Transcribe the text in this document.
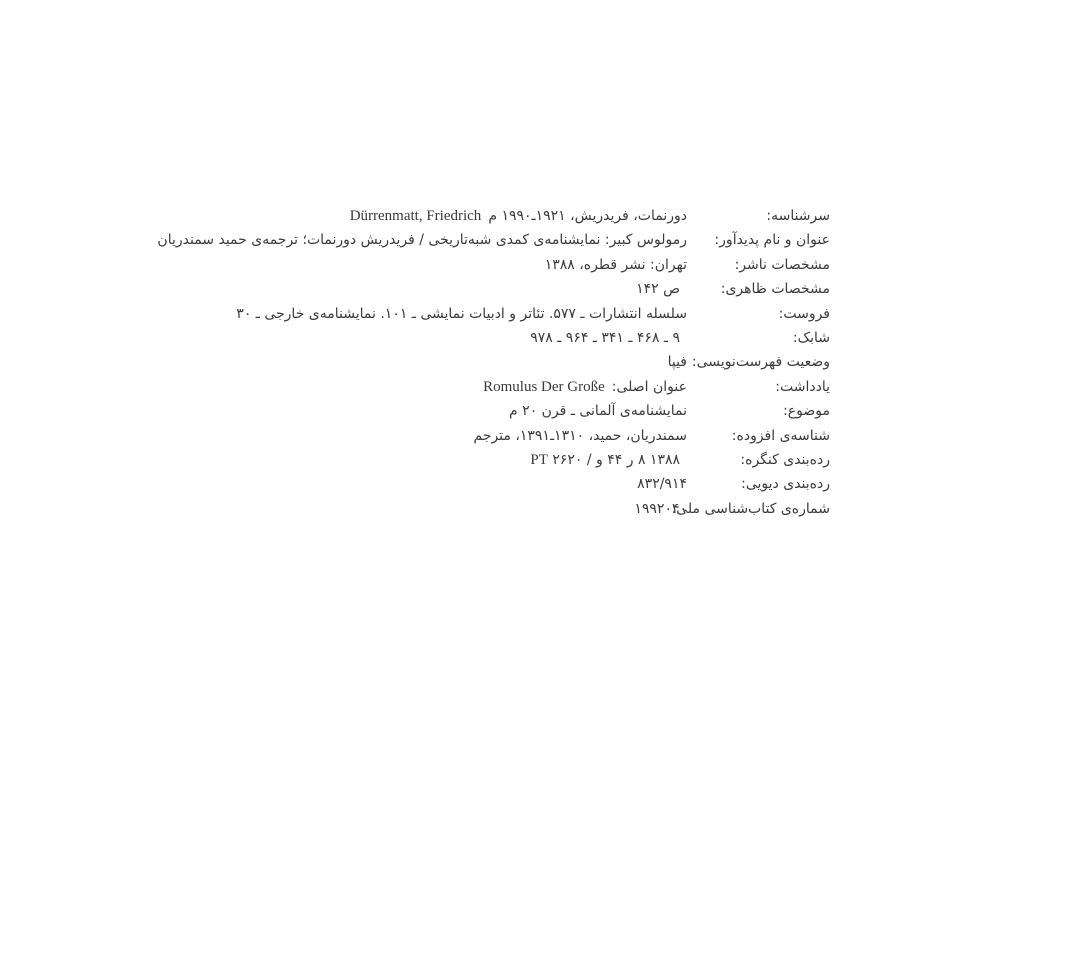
سرشناسه:
دورنمات، فریدریش، ۱۹۲۱ـ۱۹۹۰ مDürrenmatt, Friedrich
عنوان و نام پدیدآور:
رمولوس کبیر: نمایشنامه‌ی کمدی شبه‌تاریخی / فریدریش دورنمات؛ ترجمه‌ی حمید سمندریان
مشخصات ناشر:
تهران: نشر قطره، ۱۳۸۸
مشخصات ظاهری:
۱۴۲ ص
فروست:
سلسله انتشارات ـ ۵۷۷. تئاتر و ادبیات نمایشی ـ ۱۰۱. نمایشنامه‌ی خارجی ـ ۳۰
شابک:
۹۷۸ ـ ۹۶۴ ـ ۳۴۱ ـ ۴۶۸ ـ ۹
وضعیت فهرست‌نویسی:
فیپا
یادداشت:
عنوان اصلی:Romulus Der Große
موضوع:
نمایشنامه‌ی آلمانی ـ قرن ۲۰ م
شناسه‌ی افزوده:
سمندریان، حمید، ۱۳۱۰ـ۱۳۹۱، مترجم
رده‌بندی کنگره:
PT ۲۶۲۰ / و ۴۴ ر ۸ ۱۳۸۸
رده‌بندی دیویی:
۸۳۲/۹۱۴
شماره‌ی کتاب‌شناسی ملی:
۱۹۹۲۰۴۰
